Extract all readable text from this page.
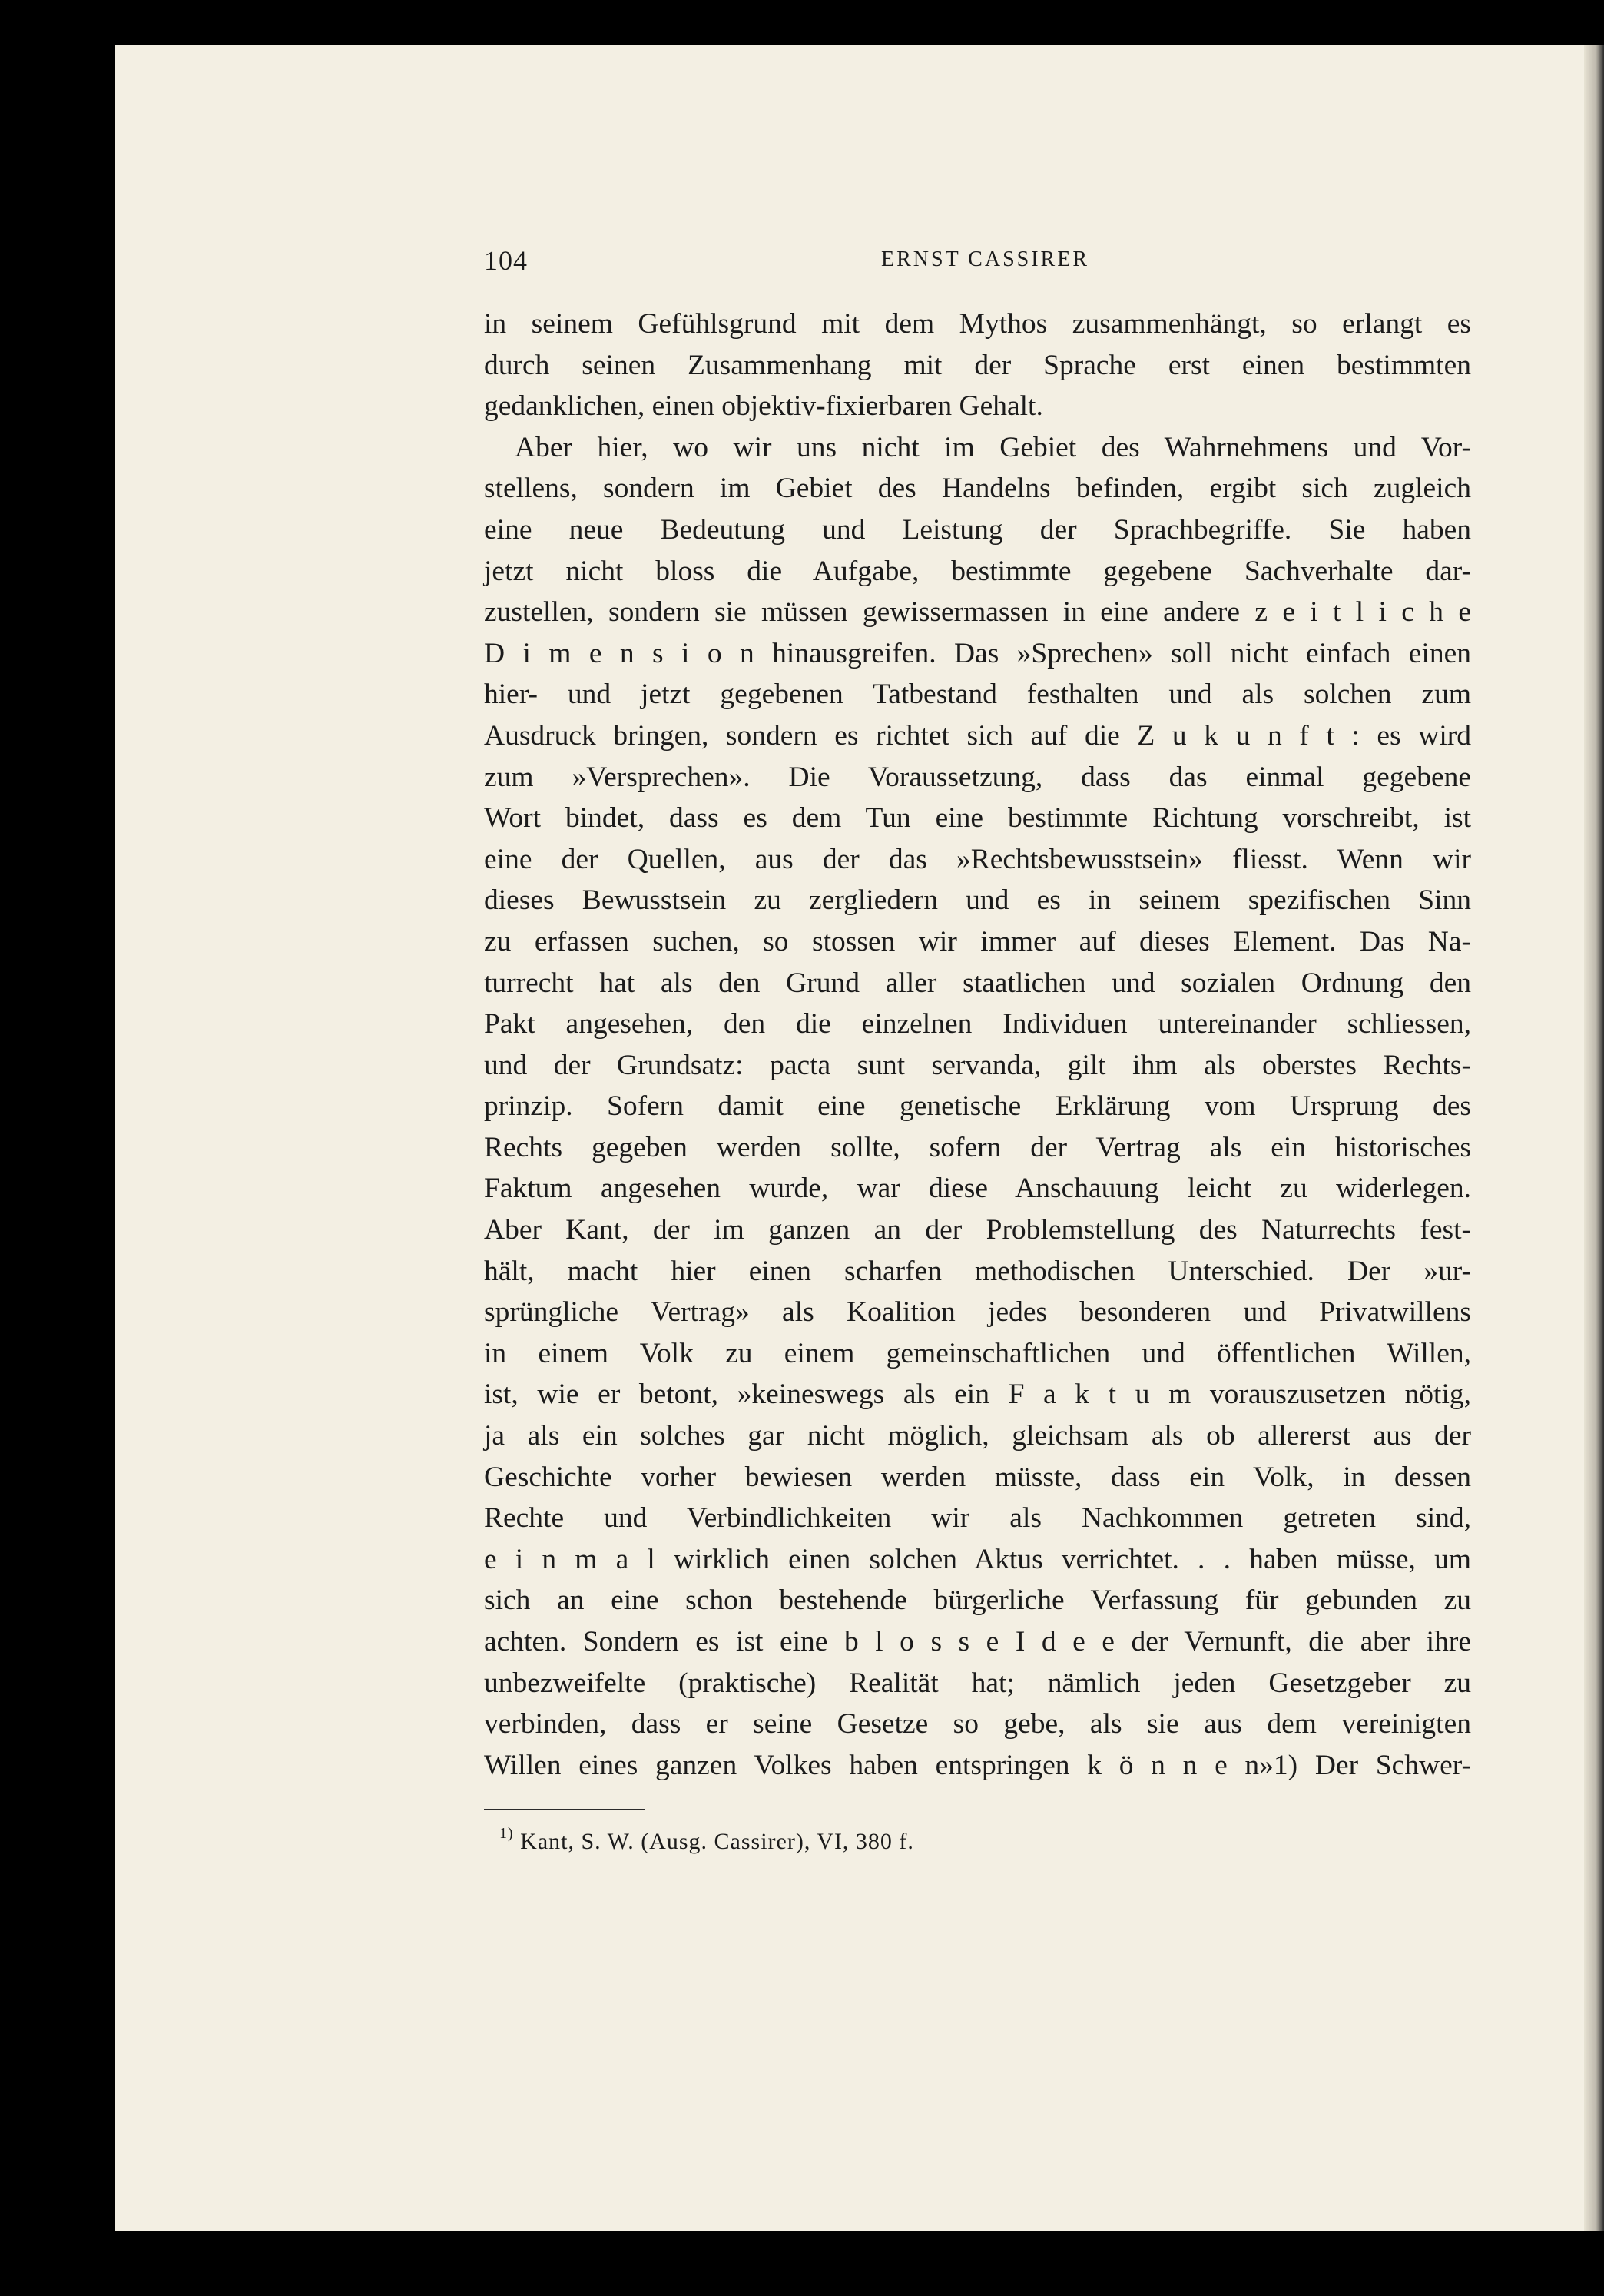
104	ERNST CASSIRER
in seinem Gefühlsgrund mit dem Mythos zusammenhängt, so erlangt es
durch seinen Zusammenhang mit der Sprache erst einen bestimmten
gedanklichen, einen objektiv-fixierbaren Gehalt.
Aber hier, wo wir uns nicht im Gebiet des Wahrnehmens und Vor-
stellens, sondern im Gebiet des Handelns befinden, ergibt sich zugleich
eine neue Bedeutung und Leistung der Sprachbegriffe. Sie haben
jetzt nicht bloss die Aufgabe, bestimmte gegebene Sachverhalte dar-
zustellen, sondern sie müssen gewissermassen in eine andere z e i t l i c h e
D i m e n s i o n hinausgreifen. Das »Sprechen» soll nicht einfach einen
hier- und jetzt gegebenen Tatbestand festhalten und als solchen zum
Ausdruck bringen, sondern es richtet sich auf die Z u k u n f t : es wird
zum »Versprechen». Die Voraussetzung, dass das einmal gegebene
Wort bindet, dass es dem Tun eine bestimmte Richtung vorschreibt, ist
eine der Quellen, aus der das »Rechtsbewusstsein» fliesst. Wenn wir
dieses Bewusstsein zu zergliedern und es in seinem spezifischen Sinn
zu erfassen suchen, so stossen wir immer auf dieses Element. Das Na-
turrecht hat als den Grund aller staatlichen und sozialen Ordnung den
Pakt angesehen, den die einzelnen Individuen untereinander schliessen,
und der Grundsatz: pacta sunt servanda, gilt ihm als oberstes Rechts-
prinzip. Sofern damit eine genetische Erklärung vom Ursprung des
Rechts gegeben werden sollte, sofern der Vertrag als ein historisches
Faktum angesehen wurde, war diese Anschauung leicht zu widerlegen.
Aber Kant, der im ganzen an der Problemstellung des Naturrechts fest-
hält, macht hier einen scharfen methodischen Unterschied. Der »ur-
sprüngliche Vertrag» als Koalition jedes besonderen und Privatwillens
in einem Volk zu einem gemeinschaftlichen und öffentlichen Willen,
ist, wie er betont, »keineswegs als ein F a k t u m vorauszusetzen nötig,
ja als ein solches gar nicht möglich, gleichsam als ob allererst aus der
Geschichte vorher bewiesen werden müsste, dass ein Volk, in dessen
Rechte und Verbindlichkeiten wir als Nachkommen getreten sind,
e i n m a l wirklich einen solchen Aktus verrichtet. . . haben müsse, um
sich an eine schon bestehende bürgerliche Verfassung für gebunden zu
achten. Sondern es ist eine b l o s s e I d e e der Vernunft, die aber ihre
unbezweifelte (praktische) Realität hat; nämlich jeden Gesetzgeber zu
verbinden, dass er seine Gesetze so gebe, als sie aus dem vereinigten
Willen eines ganzen Volkes haben entspringen k ö n n e n»1) Der Schwer-
$^{1)}$ Kant, S. W. (Ausg. Cassirer), VI, 380 f.
